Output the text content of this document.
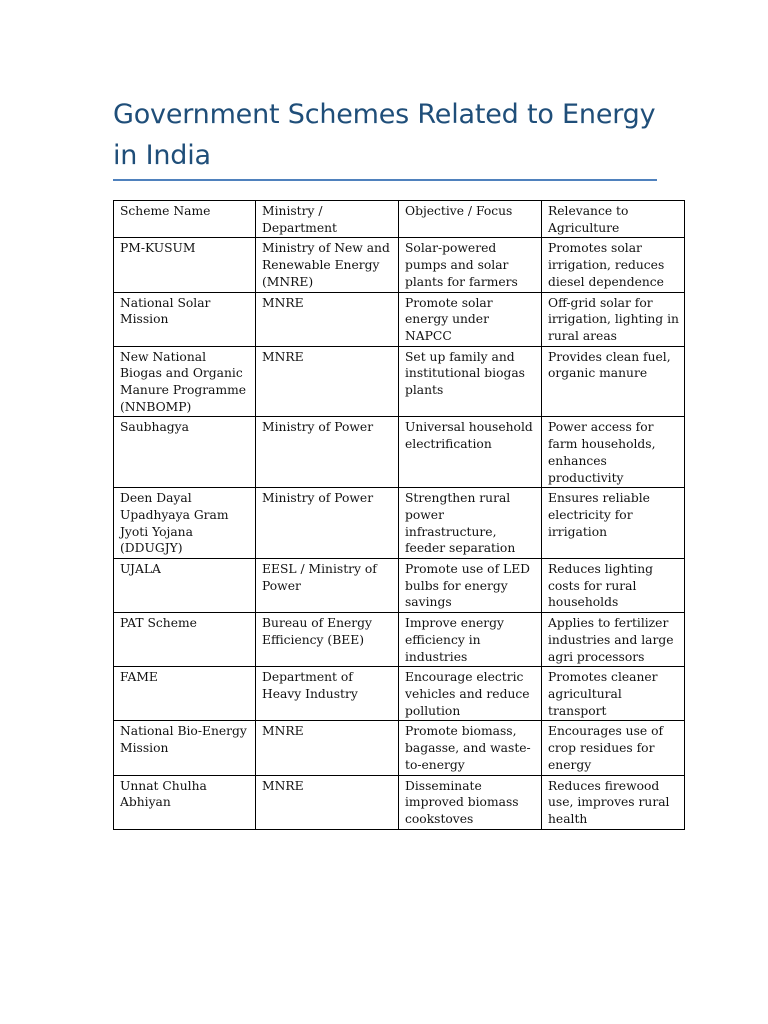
Government Schemes Related to Energy in India
Scheme Name	Ministry / Department	Objective / Focus	Relevance to Agriculture
PM-KUSUM	Ministry of New and Renewable Energy (MNRE)	Solar-powered pumps and solar plants for farmers	Promotes solar irrigation, reduces diesel dependence
National Solar Mission	MNRE	Promote solar energy under NAPCC	Off-grid solar for irrigation, lighting in rural areas
New National Biogas and Organic Manure Programme (NNBOMP)	MNRE	Set up family and institutional biogas plants	Provides clean fuel, organic manure
Saubhagya	Ministry of Power	Universal household electrification	Power access for farm households, enhances productivity
Deen Dayal Upadhyaya Gram Jyoti Yojana (DDUGJY)	Ministry of Power	Strengthen rural power infrastructure, feeder separation	Ensures reliable electricity for irrigation
UJALA	EESL / Ministry of Power	Promote use of LED bulbs for energy savings	Reduces lighting costs for rural households
PAT Scheme	Bureau of Energy Efficiency (BEE)	Improve energy efficiency in industries	Applies to fertilizer industries and large agri processors
FAME	Department of Heavy Industry	Encourage electric vehicles and reduce pollution	Promotes cleaner agricultural transport
National Bio-Energy Mission	MNRE	Promote biomass, bagasse, and waste-to-energy	Encourages use of crop residues for energy
Unnat Chulha Abhiyan	MNRE	Disseminate improved biomass cookstoves	Reduces firewood use, improves rural health
